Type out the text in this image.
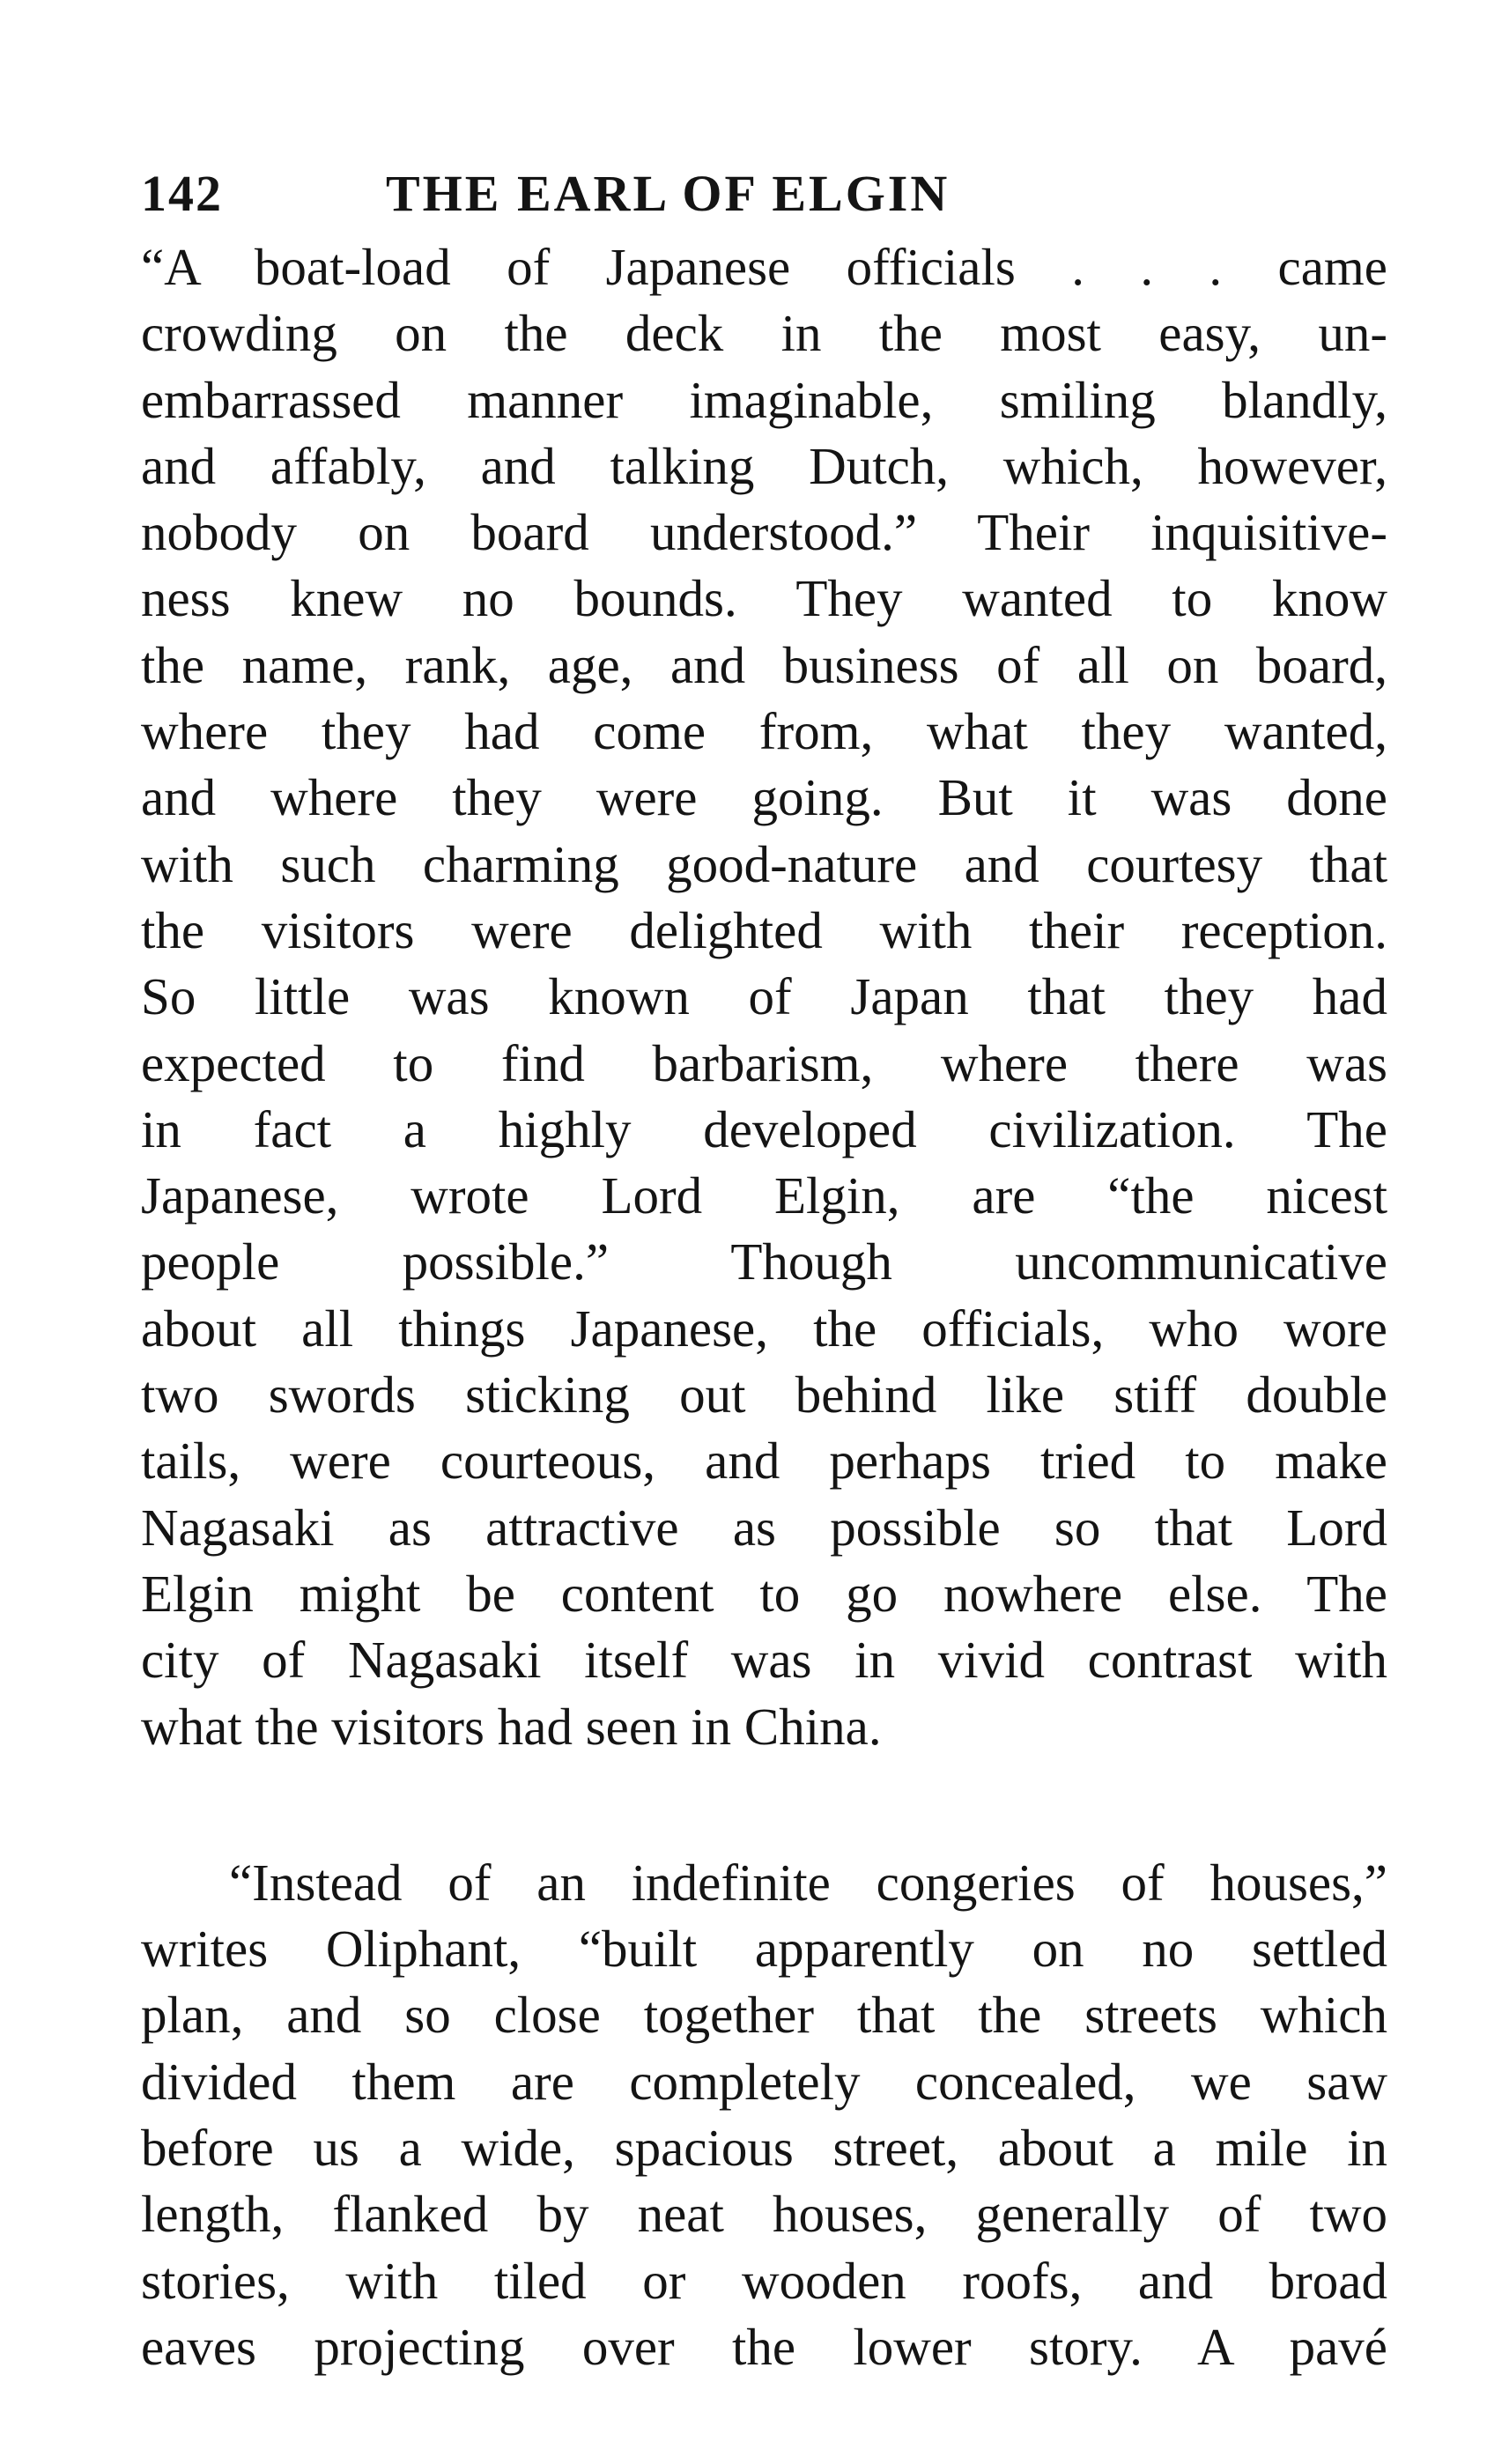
142	THE EARL OF ELGIN
“A boat-load of Japanese officials . . . came
crowding on the deck in the most easy, un-
embarrassed manner imaginable, smiling blandly,
and affably, and talking Dutch, which, however,
nobody on board understood.” Their inquisitive-
ness knew no bounds. They wanted to know
the name, rank, age, and business of all on board,
where they had come from, what they wanted,
and where they were going. But it was done
with such charming good-nature and courtesy that
the visitors were delighted with their reception.
So little was known of Japan that they had
expected to find barbarism, where there was
in fact a highly developed civilization. The
Japanese, wrote Lord Elgin, are “the nicest
people possible.” Though uncommunicative
about all things Japanese, the officials, who wore
two swords sticking out behind like stiff double
tails, were courteous, and perhaps tried to make
Nagasaki as attractive as possible so that Lord
Elgin might be content to go nowhere else. The
city of Nagasaki itself was in vivid contrast with
what the visitors had seen in China.
“Instead of an indefinite congeries of houses,”
writes Oliphant, “built apparently on no settled
plan, and so close together that the streets which
divided them are completely concealed, we saw
before us a wide, spacious street, about a mile in
length, flanked by neat houses, generally of two
stories, with tiled or wooden roofs, and broad
eaves projecting over the lower story. A pavé
